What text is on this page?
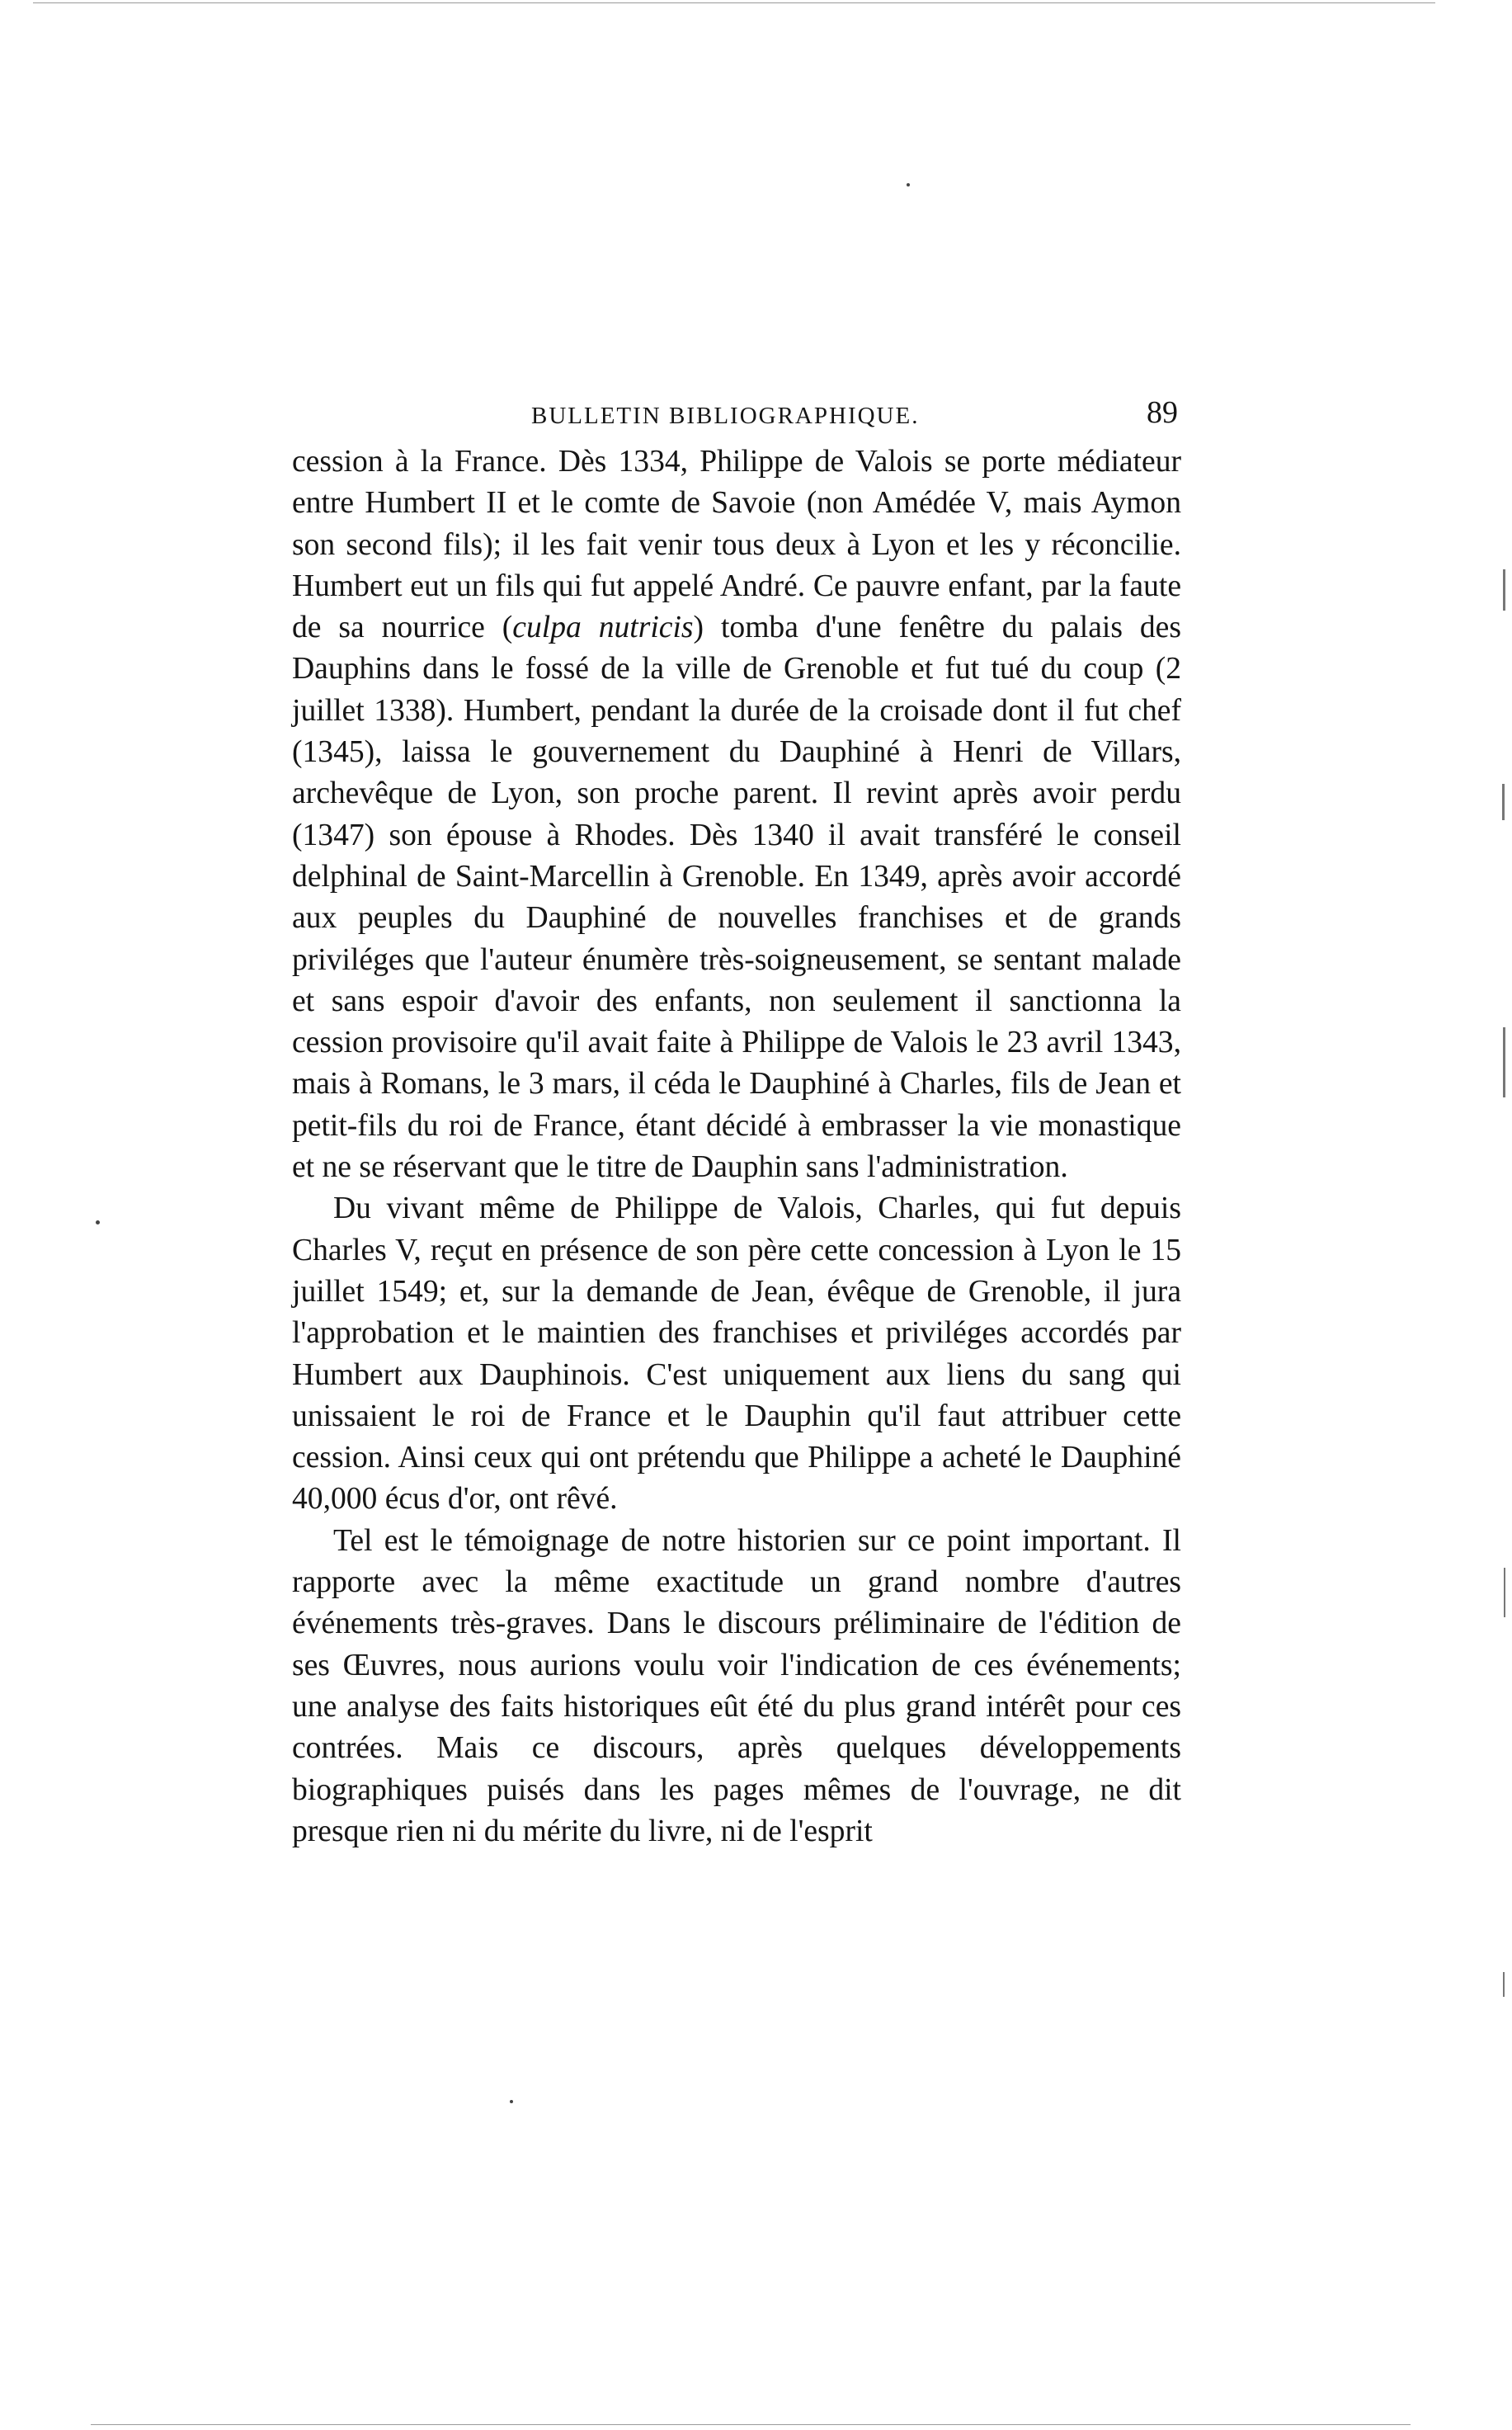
BULLETIN BIBLIOGRAPHIQUE.	89

cession à la France. Dès 1334, Philippe de Valois se porte médiateur entre Humbert II et le comte de Savoie (non Amédée V, mais Aymon son second fils); il les fait venir tous deux à Lyon et les y réconcilie. Humbert eut un fils qui fut appelé André. Ce pauvre enfant, par la faute de sa nourrice (culpa nutricis) tomba d'une fenêtre du palais des Dauphins dans le fossé de la ville de Grenoble et fut tué du coup (2 juillet 1338). Humbert, pendant la durée de la croisade dont il fut chef (1345), laissa le gouvernement du Dauphiné à Henri de Villars, archevêque de Lyon, son proche parent. Il revint après avoir perdu (1347) son épouse à Rhodes. Dès 1340 il avait transféré le conseil delphinal de Saint-Marcellin à Grenoble. En 1349, après avoir accordé aux peuples du Dauphiné de nouvelles franchises et de grands priviléges que l'auteur énumère très-soigneusement, se sentant malade et sans espoir d'avoir des enfants, non seulement il sanctionna la cession provisoire qu'il avait faite à Philippe de Valois le 23 avril 1343, mais à Romans, le 3 mars, il céda le Dauphiné à Charles, fils de Jean et petit-fils du roi de France, étant décidé à embrasser la vie monastique et ne se réservant que le titre de Dauphin sans l'administration.

Du vivant même de Philippe de Valois, Charles, qui fut depuis Charles V, reçut en présence de son père cette concession à Lyon le 15 juillet 1549; et, sur la demande de Jean, évêque de Grenoble, il jura l'approbation et le maintien des franchises et priviléges accordés par Humbert aux Dauphinois. C'est uniquement aux liens du sang qui unissaient le roi de France et le Dauphin qu'il faut attribuer cette cession. Ainsi ceux qui ont prétendu que Philippe a acheté le Dauphiné 40,000 écus d'or, ont rêvé.

Tel est le témoignage de notre historien sur ce point important. Il rapporte avec la même exactitude un grand nombre d'autres événements très-graves. Dans le discours préliminaire de l'édition de ses Œuvres, nous aurions voulu voir l'indication de ces événements; une analyse des faits historiques eût été du plus grand intérêt pour ces contrées. Mais ce discours, après quelques développements biographiques puisés dans les pages mêmes de l'ouvrage, ne dit presque rien ni du mérite du livre, ni de l'esprit
